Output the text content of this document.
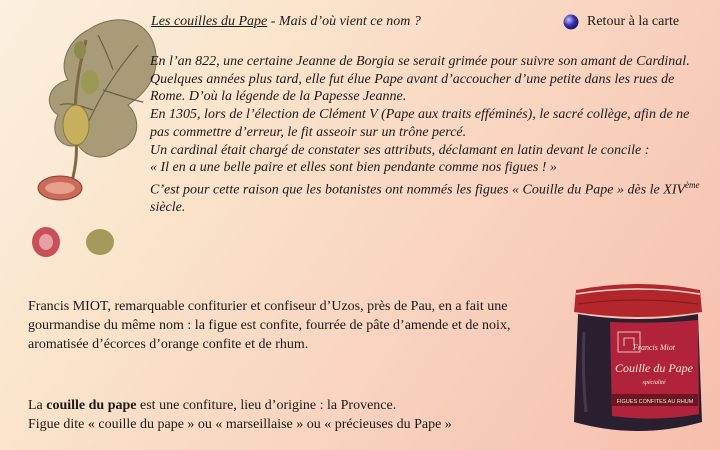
Les couilles du Pape - Mais d’où vient ce nom ?	Retour à la carte

En l’an 822, une certaine Jeanne de Borgia se serait grimée pour suivre son amant de Cardinal.

Quelques années plus tard, elle fut élue Pape avant d’accoucher d’une petite dans les rues de Rome. D’où la légende de la Papesse Jeanne.

En 1305, lors de l’élection de Clément V (Pape aux traits efféminés), le sacré collège, afin de ne pas commettre d’erreur, le fit asseoir sur un trône percé.

Un cardinal était chargé de constater ses attributs, déclamant en latin devant le concile :

« Il en a une belle paire et elles sont bien pendante comme nos figues ! »

C’est pour cette raison que les botanistes ont nommés les figues « Couille du Pape » dès le XIVème siècle.

Francis MIOT, remarquable confiturier et confiseur d’Uzos, près de Pau, en a fait une gourmandise du même nom : la figue est confite, fourrée de pâte d’amende et de noix, aromatisée d’écorces d’orange confite et de rhum.

La couille du pape est une confiture, lieu d’origine : la Provence.

Figue dite « couille du pape » ou « marseillaise » ou « précieuses du Pape »

Francis Miot
Couille du Pape
spécialité
FIGUES CONFITES AU RHUM
